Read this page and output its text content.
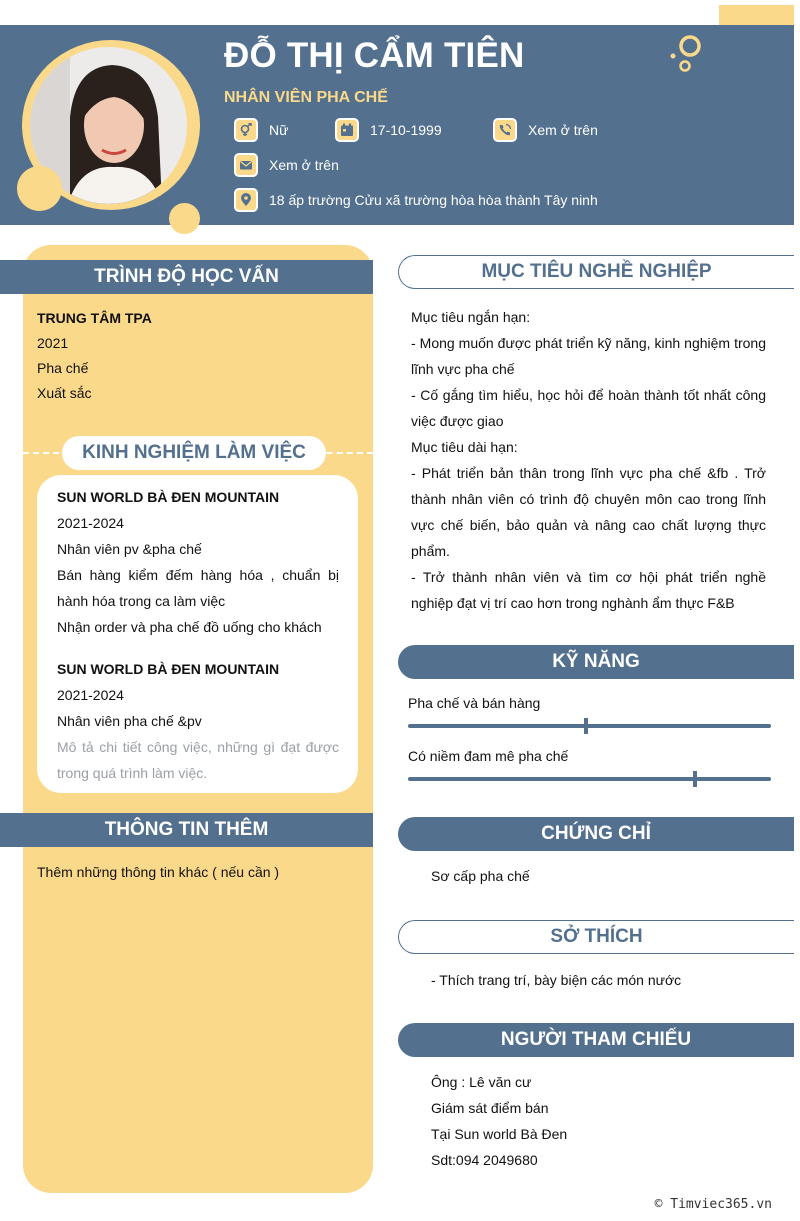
ĐỖ THỊ CẨM TIÊN
NHÂN VIÊN PHA CHẾ
Nữ	17-10-1999	Xem ở trên
Xem ở trên
18 ấp trường Cửu xã trường hòa hòa thành Tây ninh
TRÌNH ĐỘ HỌC VẤN
TRUNG TÂM TPA
2021
Pha chế
Xuất sắc
KINH NGHIỆM LÀM VIỆC
SUN WORLD BÀ ĐEN MOUNTAIN
2021-2024
Nhân viên pv &pha chế
Bán hàng kiểm đếm hàng hóa , chuẩn bị hành hóa trong ca làm việc
Nhận order và pha chế đồ uống cho khách
SUN WORLD BÀ ĐEN MOUNTAIN
2021-2024
Nhân viên pha chế &pv
Mô tả chi tiết công việc, những gì đạt được trong quá trình làm việc.
THÔNG TIN THÊM
Thêm những thông tin khác ( nếu cần )
MỤC TIÊU NGHỀ NGHIỆP
Mục tiêu ngắn hạn:
- Mong muốn được phát triển kỹ năng, kinh nghiệm trong lĩnh vực pha chế
- Cố gắng tìm hiểu, học hỏi để hoàn thành tốt nhất công việc được giao
Mục tiêu dài hạn:
- Phát triển bản thân trong lĩnh vực pha chế &fb . Trở thành nhân viên có trình độ chuyên môn cao trong lĩnh vực chế biến, bảo quản và nâng cao chất lượng thực phẩm.
- Trở thành nhân viên và tìm cơ hội phát triển nghề nghiệp đạt vị trí cao hơn trong nghành ẩm thực F&B
KỸ NĂNG
Pha chế và bán hàng
Có niềm đam mê pha chế
CHỨNG CHỈ
Sơ cấp pha chế
SỞ THÍCH
- Thích trang trí, bày biện các món nước
NGƯỜI THAM CHIẾU
Ông : Lê văn cư
Giám sát điểm bán
Tại Sun world Bà Đen
Sdt:094 2049680
© Timviec365.vn
